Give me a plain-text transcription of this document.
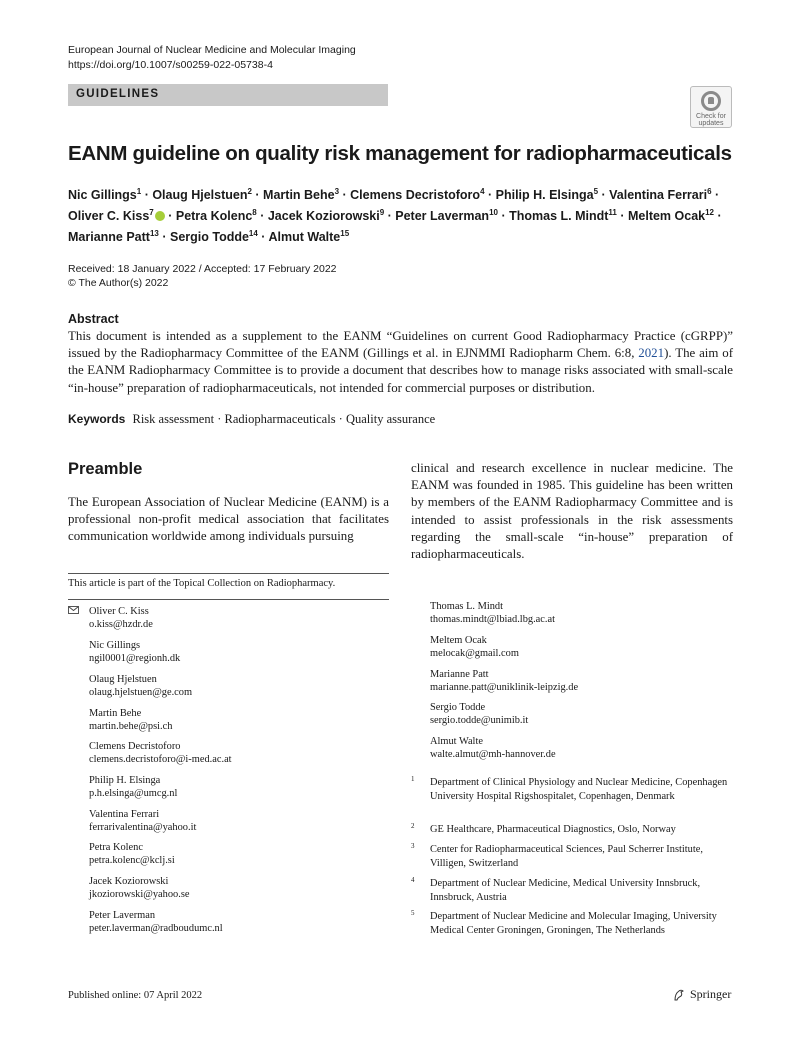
European Journal of Nuclear Medicine and Molecular Imaging
https://doi.org/10.1007/s00259-022-05738-4
GUIDELINES
Check for
updates
EANM guideline on quality risk management for radiopharmaceuticals
Nic Gillings$^1$ · Olaug Hjelstuen$^2$ · Martin Behe$^3$ · Clemens Decristoforo$^4$ · Philip H. Elsinga$^5$ · Valentina Ferrari$^6$ ·
Oliver C. Kiss$^7$ · Petra Kolenc$^8$ · Jacek Koziorowski$^9$ · Peter Laverman$^{10}$ · Thomas L. Mindt$^{11}$ · Meltem Ocak$^{12}$ ·
Marianne Patt$^{13}$ · Sergio Todde$^{14}$ · Almut Walte$^{15}$
Received: 18 January 2022 / Accepted: 17 February 2022
© The Author(s) 2022
Abstract

This document is intended as a supplement to the EANM “Guidelines on current Good Radiopharmacy Practice (cGRPP)” issued by the Radiopharmacy Committee of the EANM (Gillings et al. in EJNMMI Radiopharm Chem. 6:8, 2021). The aim of the EANM Radiopharmacy Committee is to provide a document that describes how to manage risks associated with small-scale “in-house” preparation of radiopharmaceuticals, not intended for commercial purposes or distribution.

Keywords Risk assessment · Radiopharmaceuticals · Quality assurance
Preamble

The European Association of Nuclear Medicine (EANM) is a professional non-profit medical association that facilitates communication worldwide among individuals pursuing

clinical and research excellence in nuclear medicine. The EANM was founded in 1985. This guideline has been written by members of the EANM Radiopharmacy Committee and is intended to assist professionals in the risk assessments regarding the small-scale “in-house” preparation of radiopharmaceuticals.

This article is part of the Topical Collection on Radiopharmacy.
Oliver C. Kiss
o.kiss@hzdr.de
Nic Gillings
ngil0001@regionh.dk
Olaug Hjelstuen
olaug.hjelstuen@ge.com
Martin Behe
martin.behe@psi.ch
Clemens Decristoforo
clemens.decristoforo@i-med.ac.at
Philip H. Elsinga
p.h.elsinga@umcg.nl
Valentina Ferrari
ferrarivalentina@yahoo.it
Petra Kolenc
petra.kolenc@kclj.si
Jacek Koziorowski
jkoziorowski@yahoo.se
Peter Laverman
peter.laverman@radboudumc.nl
Thomas L. Mindt
thomas.mindt@lbiad.lbg.ac.at
Meltem Ocak
melocak@gmail.com
Marianne Patt
marianne.patt@uniklinik-leipzig.de
Sergio Todde
sergio.todde@unimib.it
Almut Walte
walte.almut@mh-hannover.de
1	Department of Clinical Physiology and Nuclear Medicine, Copenhagen University Hospital Rigshospitalet, Copenhagen, Denmark
2	GE Healthcare, Pharmaceutical Diagnostics, Oslo, Norway
3	Center for Radiopharmaceutical Sciences, Paul Scherrer Institute, Villigen, Switzerland
4	Department of Nuclear Medicine, Medical University Innsbruck, Innsbruck, Austria
5	Department of Nuclear Medicine and Molecular Imaging, University Medical Center Groningen, Groningen, The Netherlands
Published online: 07 April 2022	Springer
